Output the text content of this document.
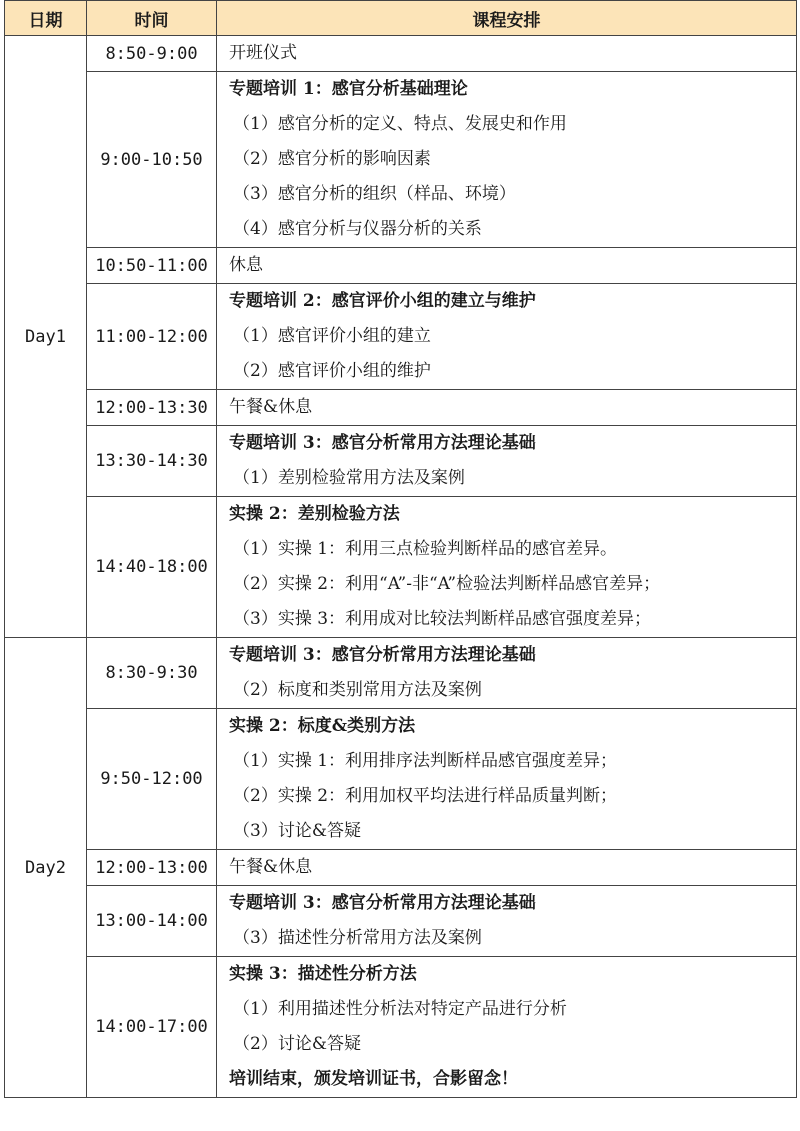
日期	时间	课程安排
Day1	8:50-9:00	开班仪式

	9:00-10:50	专题培训 1：感官分析基础理论
（1）感官分析的定义、特点、发展史和作用
（2）感官分析的影响因素
（3）感官分析的组织（样品、环境）
（4）感官分析与仪器分析的关系

	10:50-11:00	休息

	11:00-12:00	专题培训 2：感官评价小组的建立与维护
（1）感官评价小组的建立
（2）感官评价小组的维护

	12:00-13:30	午餐&休息

	13:30-14:30	专题培训 3：感官分析常用方法理论基础
（1）差别检验常用方法及案例

	14:40-18:00	实操 2：差别检验方法
（1）实操 1：利用三点检验判断样品的感官差异。
（2）实操 2：利用“A”-非“A”检验法判断样品感官差异；
（3）实操 3：利用成对比较法判断样品感官强度差异；

Day2	8:30-9:30	专题培训 3：感官分析常用方法理论基础
（2）标度和类别常用方法及案例

	9:50-12:00	实操 2：标度&类别方法
（1）实操 1：利用排序法判断样品感官强度差异；
（2）实操 2：利用加权平均法进行样品质量判断；
（3）讨论&答疑

	12:00-13:00	午餐&休息

	13:00-14:00	专题培训 3：感官分析常用方法理论基础
（3）描述性分析常用方法及案例

	14:00-17:00	实操 3：描述性分析方法
（1）利用描述性分析法对特定产品进行分析
（2）讨论&答疑
培训结束，颁发培训证书，合影留念！
